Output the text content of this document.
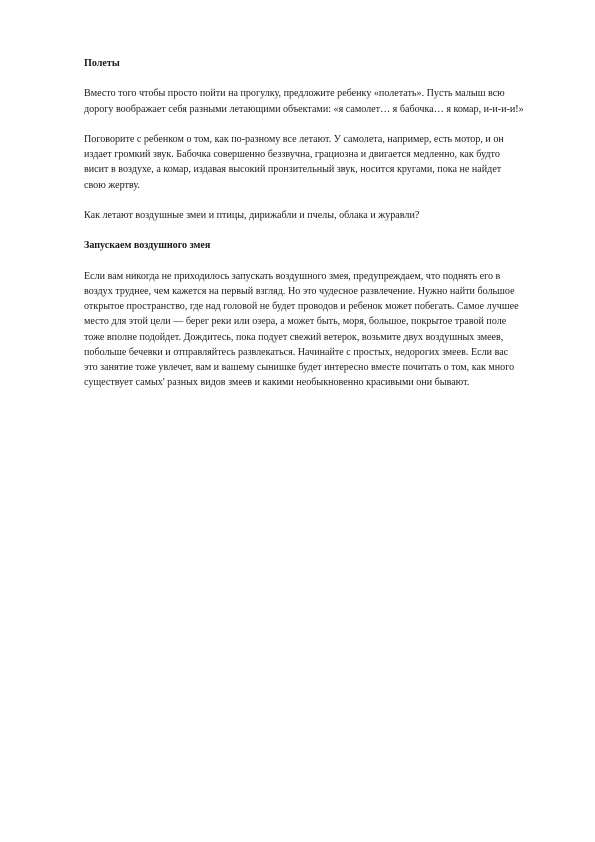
Полеты

Вместо того чтобы просто пойти на прогулку, предложите ребенку «полетать». Пусть малыш всю дорогу воображает себя разными летающими объектами: «я самолет… я бабочка… я комар, и-и-и-и!»

Поговорите с ребенком о том, как по-разному все летают. У самолета, например, есть мотор, и он издает громкий звук. Бабочка совершенно беззвучна, грациозна и двигается медленно, как будто висит в воздухе, а комар, издавая высокий пронзительный звук, носится кругами, пока не найдет свою жертву.

Как летают воздушные змеи и птицы, дирижабли и пчелы, облака и журавли?

Запускаем воздушного змея

Если вам никогда не приходилось запускать воздушного змея, предупреждаем, что поднять его в воздух труднее, чем кажется на первый взгляд. Но это чудесное развлечение. Нужно найти большое открытое пространство, где над головой не будет проводов и ребенок может побегать. Самое лучшее место для этой цели — берег реки или озера, а может быть, моря, большое, покрытое травой поле тоже вполне подойдет. Дождитесь, пока подует свежий ветерок, возьмите двух воздушных змеев, побольше бечевки и отправляйтесь развлекаться. Начинайте с простых, недорогих змеев. Если вас это занятие тоже увлечет, вам и вашему сынишке будет интересно вместе почитать о том, как много существует самых' разных видов змеев и какими необыкновенно красивыми они бывают.
